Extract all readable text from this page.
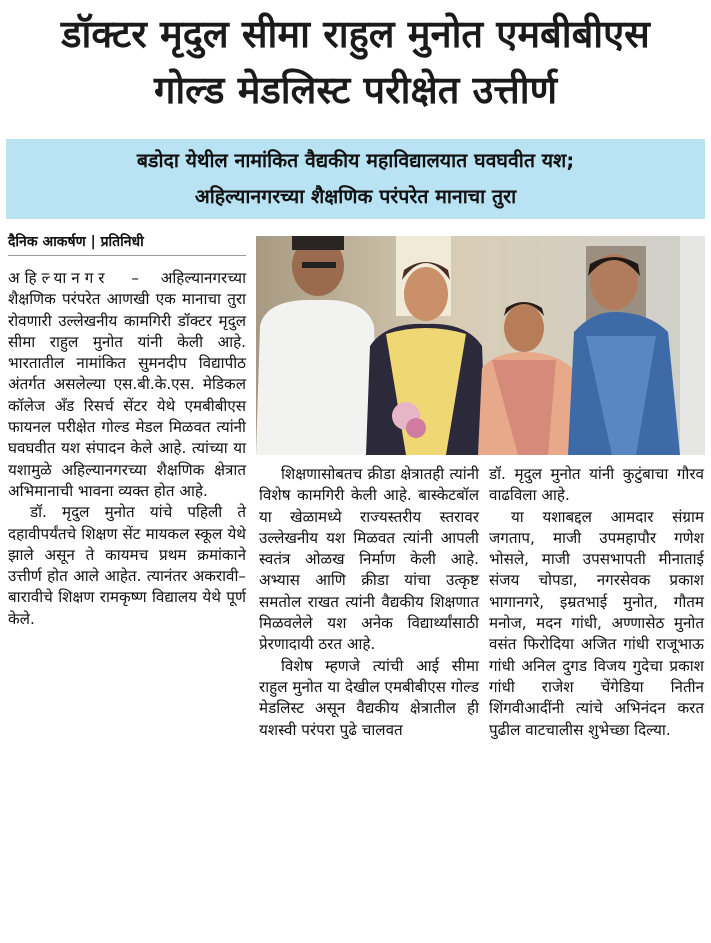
डॉक्टर मृदुल सीमा राहुल मुनोत एमबीबीएस
गोल्ड मेडलिस्ट परीक्षेत उत्तीर्ण
बडोदा येथील नामांकित वैद्यकीय महाविद्यालयात घवघवीत यश;
अहिल्यानगरच्या शैक्षणिक परंपरेत मानाचा तुरा
दैनिक आकर्षण | प्रतिनिधी

अहिल्यानगर – अहिल्यानगरच्या शैक्षणिक परंपरेत आणखी एक मानाचा तुरा रोवणारी उल्लेखनीय कामगिरी डॉक्टर मृदुल सीमा राहुल मुनोत यांनी केली आहे. भारतातील नामांकित सुमनदीप विद्यापीठ अंतर्गत असलेल्या एस.बी.के.एस. मेडिकल कॉलेज अँड रिसर्च सेंटर येथे एमबीबीएस फायनल परीक्षेत गोल्ड मेडल मिळवत त्यांनी घवघवीत यश संपादन केले आहे. त्यांच्या या यशामुळे अहिल्यानगरच्या शैक्षणिक क्षेत्रात अभिमानाची भावना व्यक्त होत आहे.

डॉ. मृदुल मुनोत यांचे पहिली ते दहावीपर्यंतचे शिक्षण सेंट मायकल स्कूल येथे झाले असून ते कायमच प्रथम क्रमांकाने उत्तीर्ण होत आले आहेत. त्यानंतर अकरावी–बारावीचे शिक्षण रामकृष्ण विद्यालय येथे पूर्ण केले.

शिक्षणासोबतच क्रीडा क्षेत्रातही त्यांनी विशेष कामगिरी केली आहे. बास्केटबॉल या खेळामध्ये राज्यस्तरीय स्तरावर उल्लेखनीय यश मिळवत त्यांनी आपली स्वतंत्र ओळख निर्माण केली आहे. अभ्यास आणि क्रीडा यांचा उत्कृष्ट समतोल राखत त्यांनी वैद्यकीय शिक्षणात मिळवलेले यश अनेक विद्यार्थ्यांसाठी प्रेरणादायी ठरत आहे.

विशेष म्हणजे त्यांची आई सीमा राहुल मुनोत या देखील एमबीबीएस गोल्ड मेडलिस्ट असून वैद्यकीय क्षेत्रातील ही यशस्वी परंपरा पुढे चालवत

डॉ. मृदुल मुनोत यांनी कुटुंबाचा गौरव वाढविला आहे.

या यशाबद्दल आमदार संग्राम जगताप, माजी उपमहापौर गणेश भोसले, माजी उपसभापती मीनाताई संजय चोपडा, नगरसेवक प्रकाश भागानगरे, इम्रतभाई मुनोत, गौतम मनोज, मदन गांधी, अण्णासेठ मुनोत वसंत फिरोदिया अजित गांधी राजूभाऊ गांधी अनिल दुगड विजय गुदेचा प्रकाश गांधी राजेश चेंगेडिया नितीन शिंगवीआदींनी त्यांचे अभिनंदन करत पुढील वाटचालीस शुभेच्छा दिल्या.
